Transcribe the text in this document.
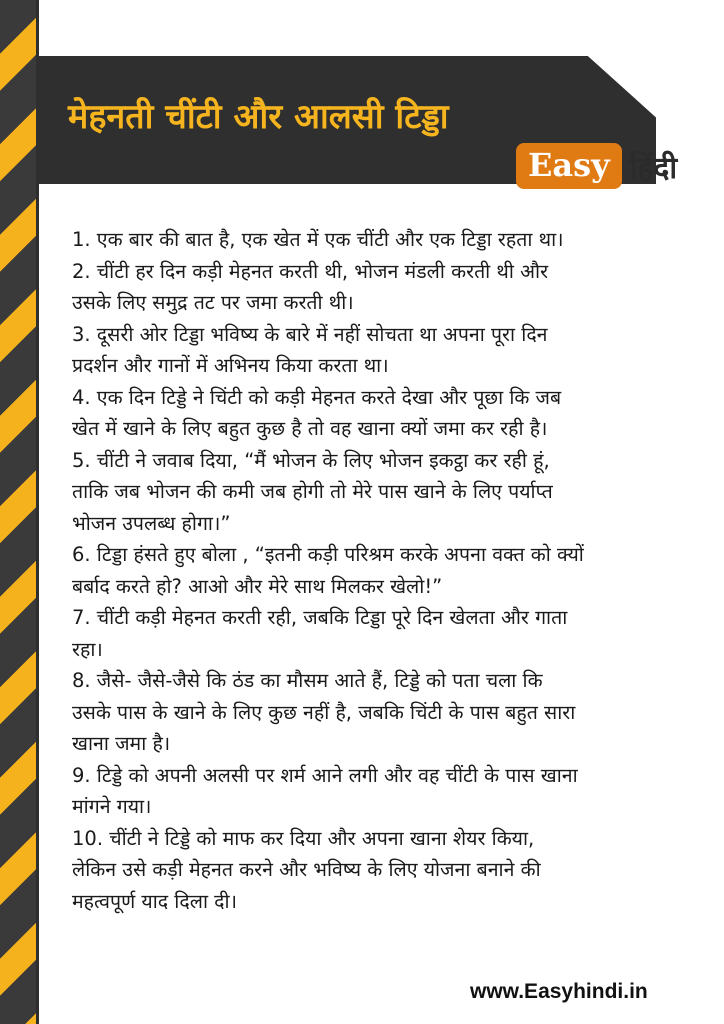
मेहनती चींटी और आलसी टिड्डा
Easy हिंदी
1. एक बार की बात है, एक खेत में एक चींटी और एक टिड्डा रहता था।
2. चींटी हर दिन कड़ी मेहनत करती थी, भोजन मंडली करती थी और
उसके लिए समुद्र तट पर जमा करती थी।
3. दूसरी ओर टिड्डा भविष्य के बारे में नहीं सोचता था अपना पूरा दिन
प्रदर्शन और गानों में अभिनय किया करता था।
4. एक दिन टिड्डे ने चिंटी को कड़ी मेहनत करते देखा और पूछा कि जब
खेत में खाने के लिए बहुत कुछ है तो वह खाना क्यों जमा कर रही है।
5. चींटी ने जवाब दिया, “मैं भोजन के लिए भोजन इकट्ठा कर रही हूं,
ताकि जब भोजन की कमी जब होगी तो मेरे पास खाने के लिए पर्याप्त
भोजन उपलब्ध होगा।”
6. टिड्डा हंसते हुए बोला , “इतनी कड़ी परिश्रम करके अपना वक्त को क्यों
बर्बाद करते हो? आओ और मेरे साथ मिलकर खेलो!”
7. चींटी कड़ी मेहनत करती रही, जबकि टिड्डा पूरे दिन खेलता और गाता
रहा।
8. जैसे- जैसे-जैसे कि ठंड का मौसम आते हैं, टिड्डे को पता चला कि
उसके पास के खाने के लिए कुछ नहीं है, जबकि चिंटी के पास बहुत सारा
खाना जमा है।
9. टिड्डे को अपनी अलसी पर शर्म आने लगी और वह चींटी के पास खाना
मांगने गया।
10. चींटी ने टिड्डे को माफ कर दिया और अपना खाना शेयर किया,
लेकिन उसे कड़ी मेहनत करने और भविष्य के लिए योजना बनाने की
महत्वपूर्ण याद दिला दी।
www.Easyhindi.in
